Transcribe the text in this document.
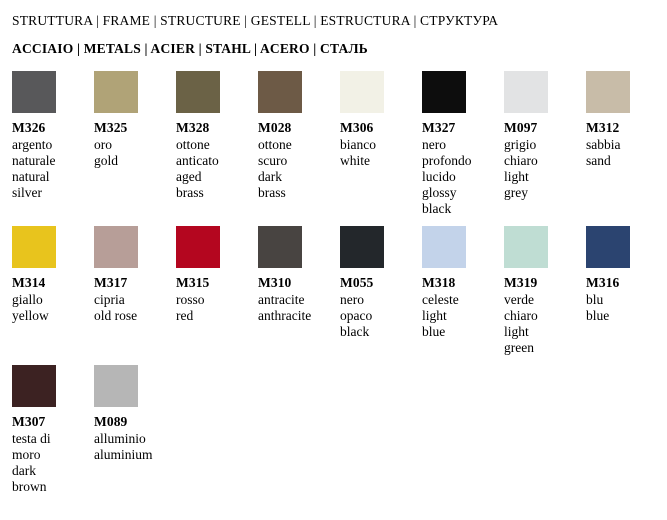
STRUTTURA | FRAME | STRUCTURE | GESTELL | ESTRUCTURA | СТРУКТУРА
ACCIAIO | METALS | ACIER | STAHL | ACERO | СТАЛЬ
M326
argento
naturale
natural
silver
M325
oro
gold
M328
ottone
anticato
aged
brass
M028
ottone
scuro
dark
brass
M306
bianco
white
M327
nero
profondo
lucido
glossy
black
M097
grigio
chiaro
light
grey
M312
sabbia
sand
M314
giallo
yellow
M317
cipria
old rose
M315
rosso
red
M310
antracite
anthracite
M055
nero
opaco
black
M318
celeste
light
blue
M319
verde
chiaro
light
green
M316
blu
blue
M307
testa di
moro
dark
brown
M089
alluminio
aluminium
